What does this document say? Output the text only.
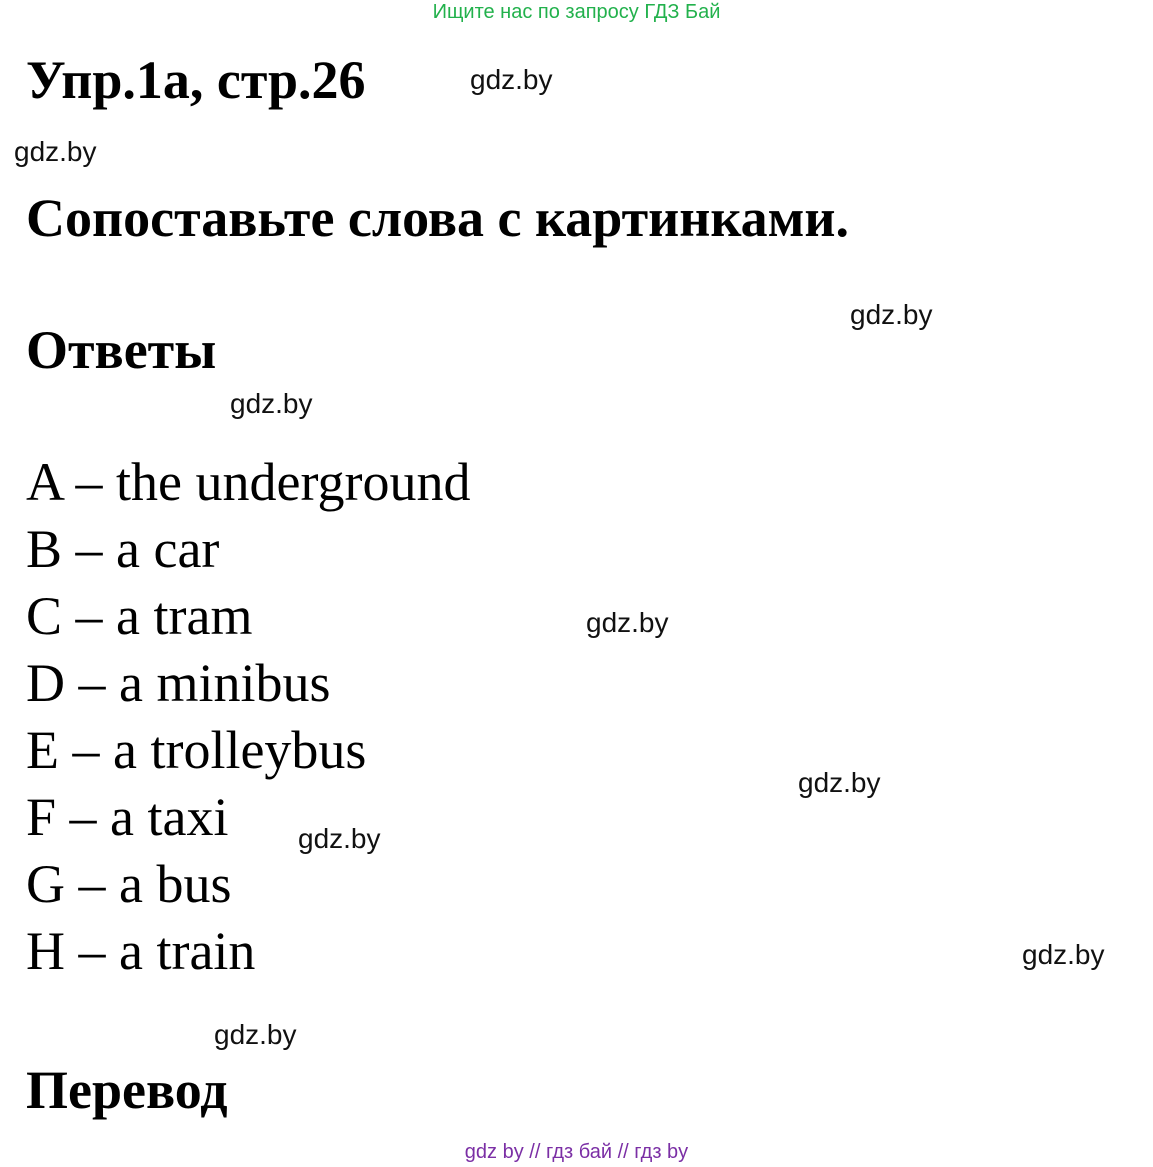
Ищите нас по запросу ГДЗ Бай
Упр.1а, стр.26	gdz.by
gdz.by
Сопоставьте слова с картинками.
gdz.by
Ответы
gdz.by
A – the underground
B – a car
C – a tram
D – a minibus
E – a trolleybus
F – a taxi
G – a bus
H – a train
gdz.by
gdz.by
gdz.by
gdz.by
gdz.by
Перевод
gdz by // гдз бай // гдз by
